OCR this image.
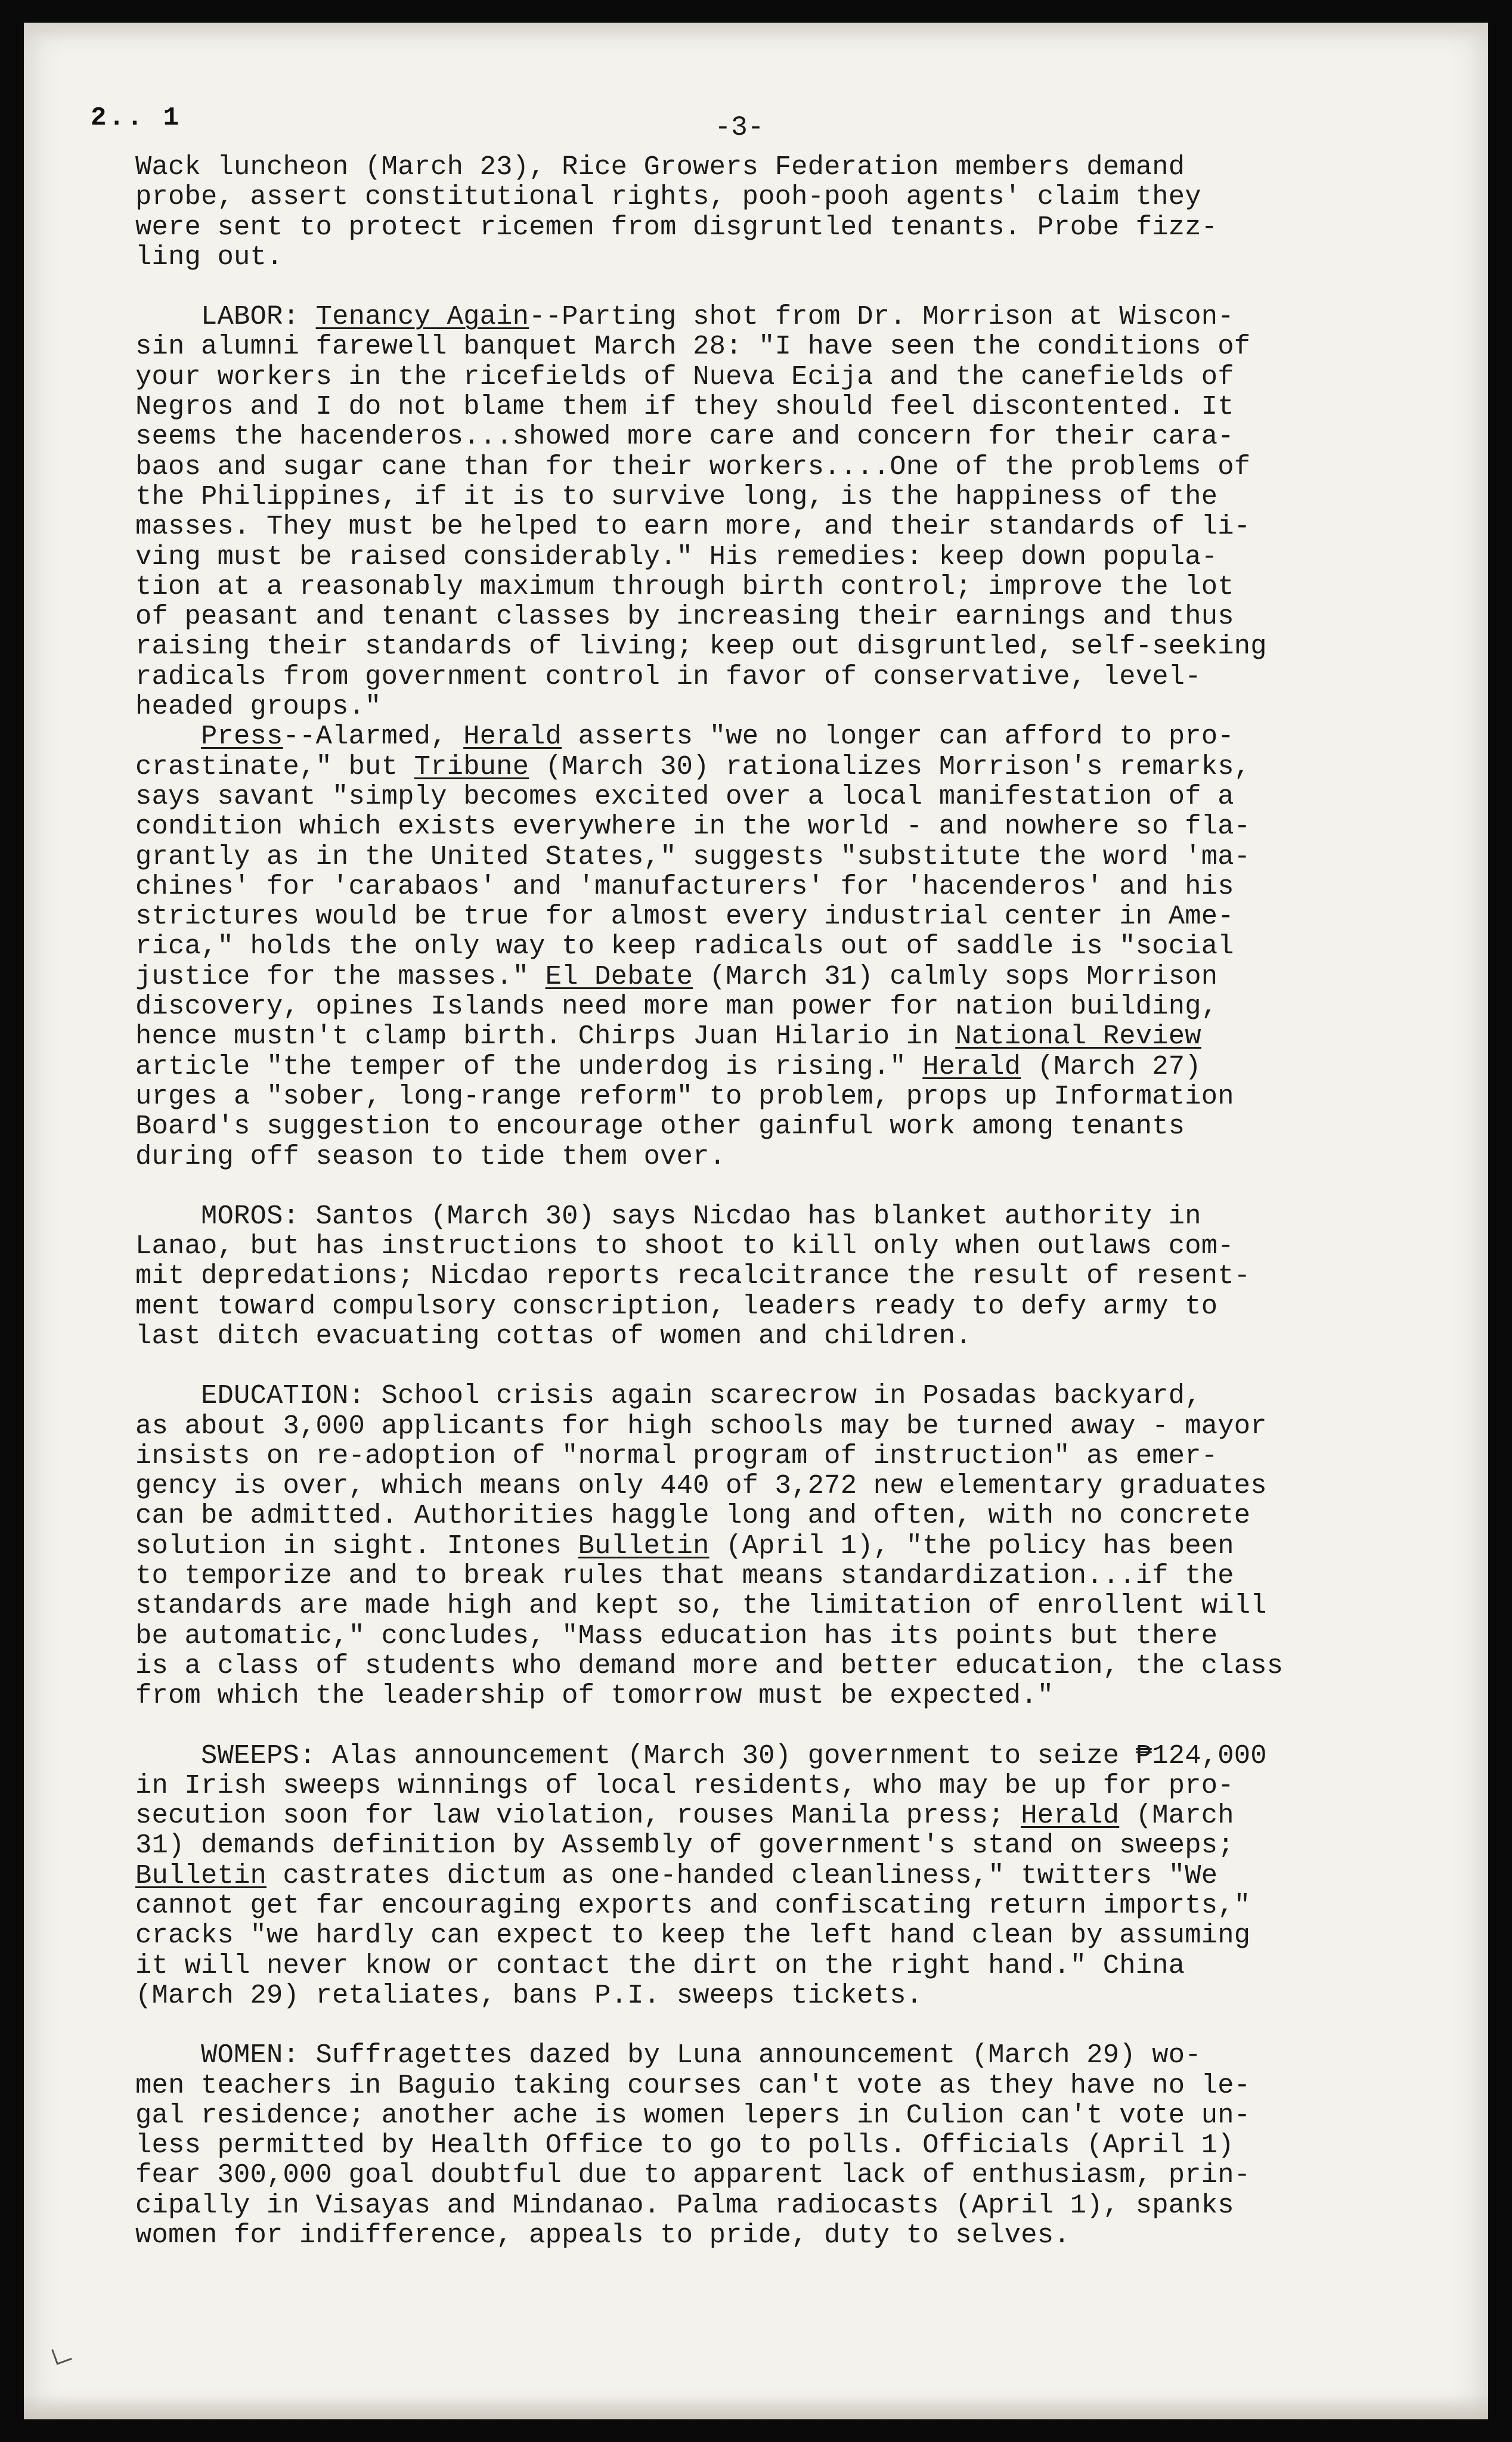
2.. 1	-3-
Wack luncheon (March 23), Rice Growers Federation members demand
probe, assert constitutional rights, pooh-pooh agents' claim they
were sent to protect ricemen from disgruntled tenants. Probe fizz-
ling out.
LABOR: Tenancy Again--Parting shot from Dr. Morrison at Wiscon-
sin alumni farewell banquet March 28: "I have seen the conditions of
your workers in the ricefields of Nueva Ecija and the canefields of
Negros and I do not blame them if they should feel discontented. It
seems the hacenderos...showed more care and concern for their cara-
baos and sugar cane than for their workers....One of the problems of
the Philippines, if it is to survive long, is the happiness of the
masses. They must be helped to earn more, and their standards of li-
ving must be raised considerably." His remedies: keep down popula-
tion at a reasonably maximum through birth control; improve the lot
of peasant and tenant classes by increasing their earnings and thus
raising their standards of living; keep out disgruntled, self-seeking
radicals from government control in favor of conservative, level-
headed groups."
Press--Alarmed, Herald asserts "we no longer can afford to pro-
crastinate," but Tribune (March 30) rationalizes Morrison's remarks,
says savant "simply becomes excited over a local manifestation of a
condition which exists everywhere in the world - and nowhere so fla-
grantly as in the United States," suggests "substitute the word 'ma-
chines' for 'carabaos' and 'manufacturers' for 'hacenderos' and his
strictures would be true for almost every industrial center in Ame-
rica," holds the only way to keep radicals out of saddle is "social
justice for the masses." El Debate (March 31) calmly sops Morrison
discovery, opines Islands need more man power for nation building,
hence mustn't clamp birth. Chirps Juan Hilario in National Review
article "the temper of the underdog is rising." Herald (March 27)
urges a "sober, long-range reform" to problem, props up Information
Board's suggestion to encourage other gainful work among tenants
during off season to tide them over.
MOROS: Santos (March 30) says Nicdao has blanket authority in
Lanao, but has instructions to shoot to kill only when outlaws com-
mit depredations; Nicdao reports recalcitrance the result of resent-
ment toward compulsory conscription, leaders ready to defy army to
last ditch evacuating cottas of women and children.
EDUCATION: School crisis again scarecrow in Posadas backyard,
as about 3,000 applicants for high schools may be turned away - mayor
insists on re-adoption of "normal program of instruction" as emer-
gency is over, which means only 440 of 3,272 new elementary graduates
can be admitted. Authorities haggle long and often, with no concrete
solution in sight. Intones Bulletin (April 1), "the policy has been
to temporize and to break rules that means standardization...if the
standards are made high and kept so, the limitation of enrollent will
be automatic," concludes, "Mass education has its points but there
is a class of students who demand more and better education, the class
from which the leadership of tomorrow must be expected."
SWEEPS: Alas announcement (March 30) government to seize ₱124,000
in Irish sweeps winnings of local residents, who may be up for pro-
secution soon for law violation, rouses Manila press; Herald (March
31) demands definition by Assembly of government's stand on sweeps;
Bulletin castrates dictum as one-handed cleanliness," twitters "We
cannot get far encouraging exports and confiscating return imports,"
cracks "we hardly can expect to keep the left hand clean by assuming
it will never know or contact the dirt on the right hand." China
(March 29) retaliates, bans P.I. sweeps tickets.
WOMEN: Suffragettes dazed by Luna announcement (March 29) wo-
men teachers in Baguio taking courses can't vote as they have no le-
gal residence; another ache is women lepers in Culion can't vote un-
less permitted by Health Office to go to polls. Officials (April 1)
fear 300,000 goal doubtful due to apparent lack of enthusiasm, prin-
cipally in Visayas and Mindanao. Palma radiocasts (April 1), spanks
women for indifference, appeals to pride, duty to selves.
